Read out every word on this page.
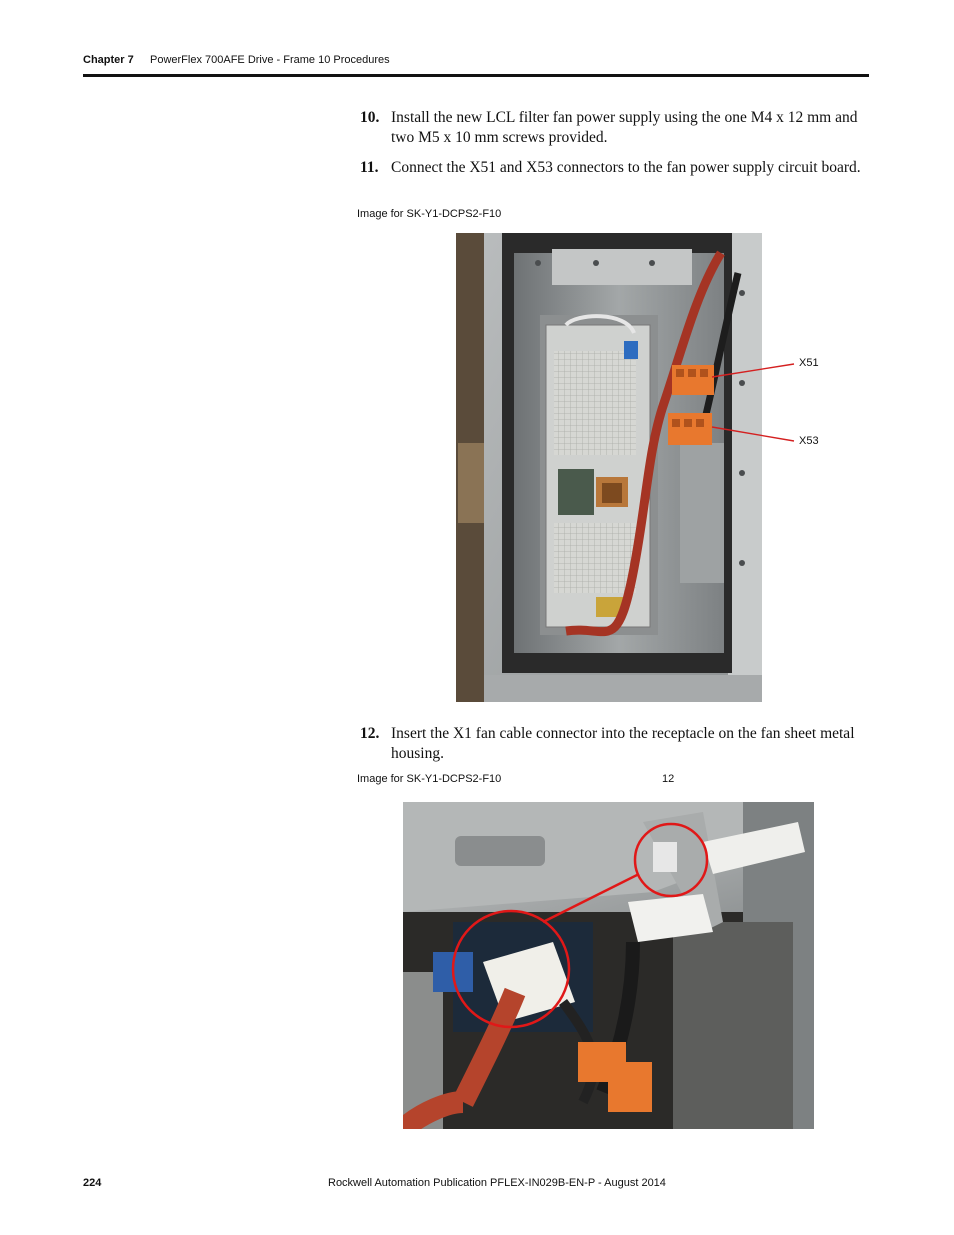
Chapter 7 PowerFlex 700AFE Drive - Frame 10 Procedures
10. Install the new LCL filter fan power supply using the one M4 x 12 mm and two M5 x 10 mm screws provided.
11. Connect the X51 and X53 connectors to the fan power supply circuit board.
Image for SK-Y1-DCPS2-F10
X51
X53
12. Insert the X1 fan cable connector into the receptacle on the fan sheet metal housing.
Image for SK-Y1-DCPS2-F10	12
224	Rockwell Automation Publication PFLEX-IN029B-EN-P - August 2014
